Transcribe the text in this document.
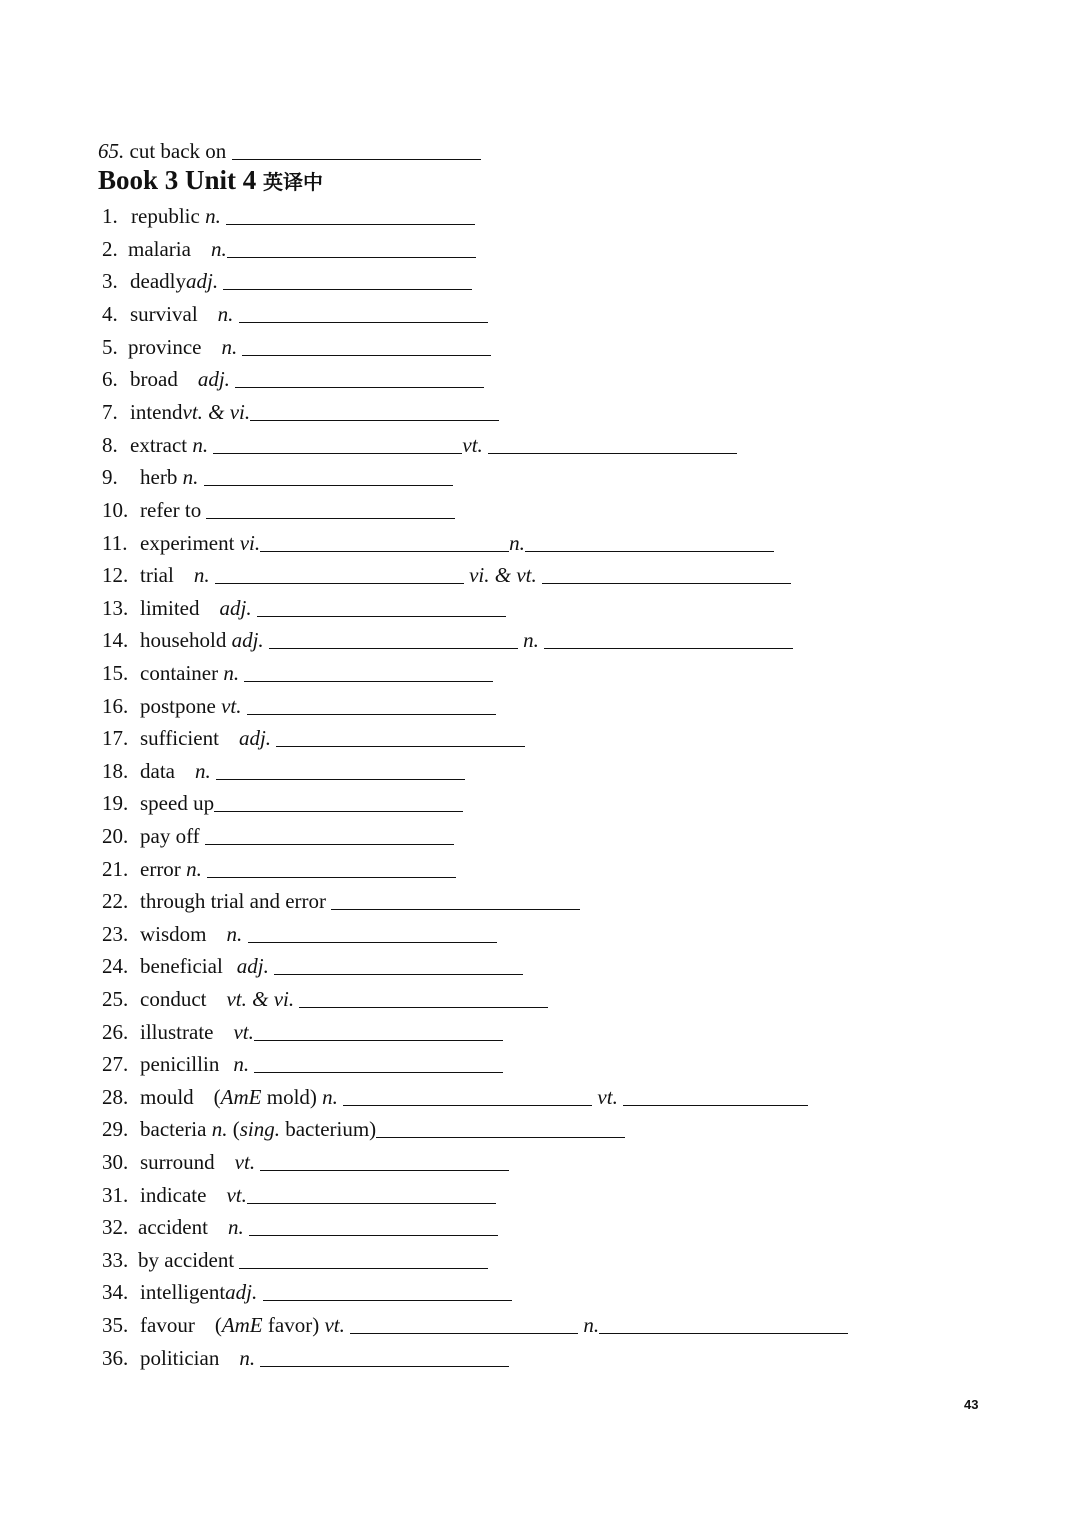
65. cut back on
Book 3 Unit 4 英译中
1. republic n.
2. malaria n.
3. deadlyadj.
4. survival n.
5. province n.
6. broad adj.
7. intendvt. & vi.
8. extract n.	vt.
9. herb n.
10. refer to
11. experiment vi.	n.
12. trial n.	vi. & vt.
13. limited adj.
14. household adj.	n.
15. container n.
16. postpone vt.
17. sufficient adj.
18. data n.
19. speed up
20. pay off
21. error n.
22. through trial and error
23. wisdom n.
24. beneficial adj.
25. conduct vt. & vi.
26. illustrate vt.
27. penicillin n.
28. mould (AmE mold) n.	vt.
29. bacteria n. (sing. bacterium)
30. surround vt.
31. indicate vt.
32. accident n.
33. by accident
34. intelligentadj.
35. favour (AmE favor) vt.	n.
36. politician n.
43
